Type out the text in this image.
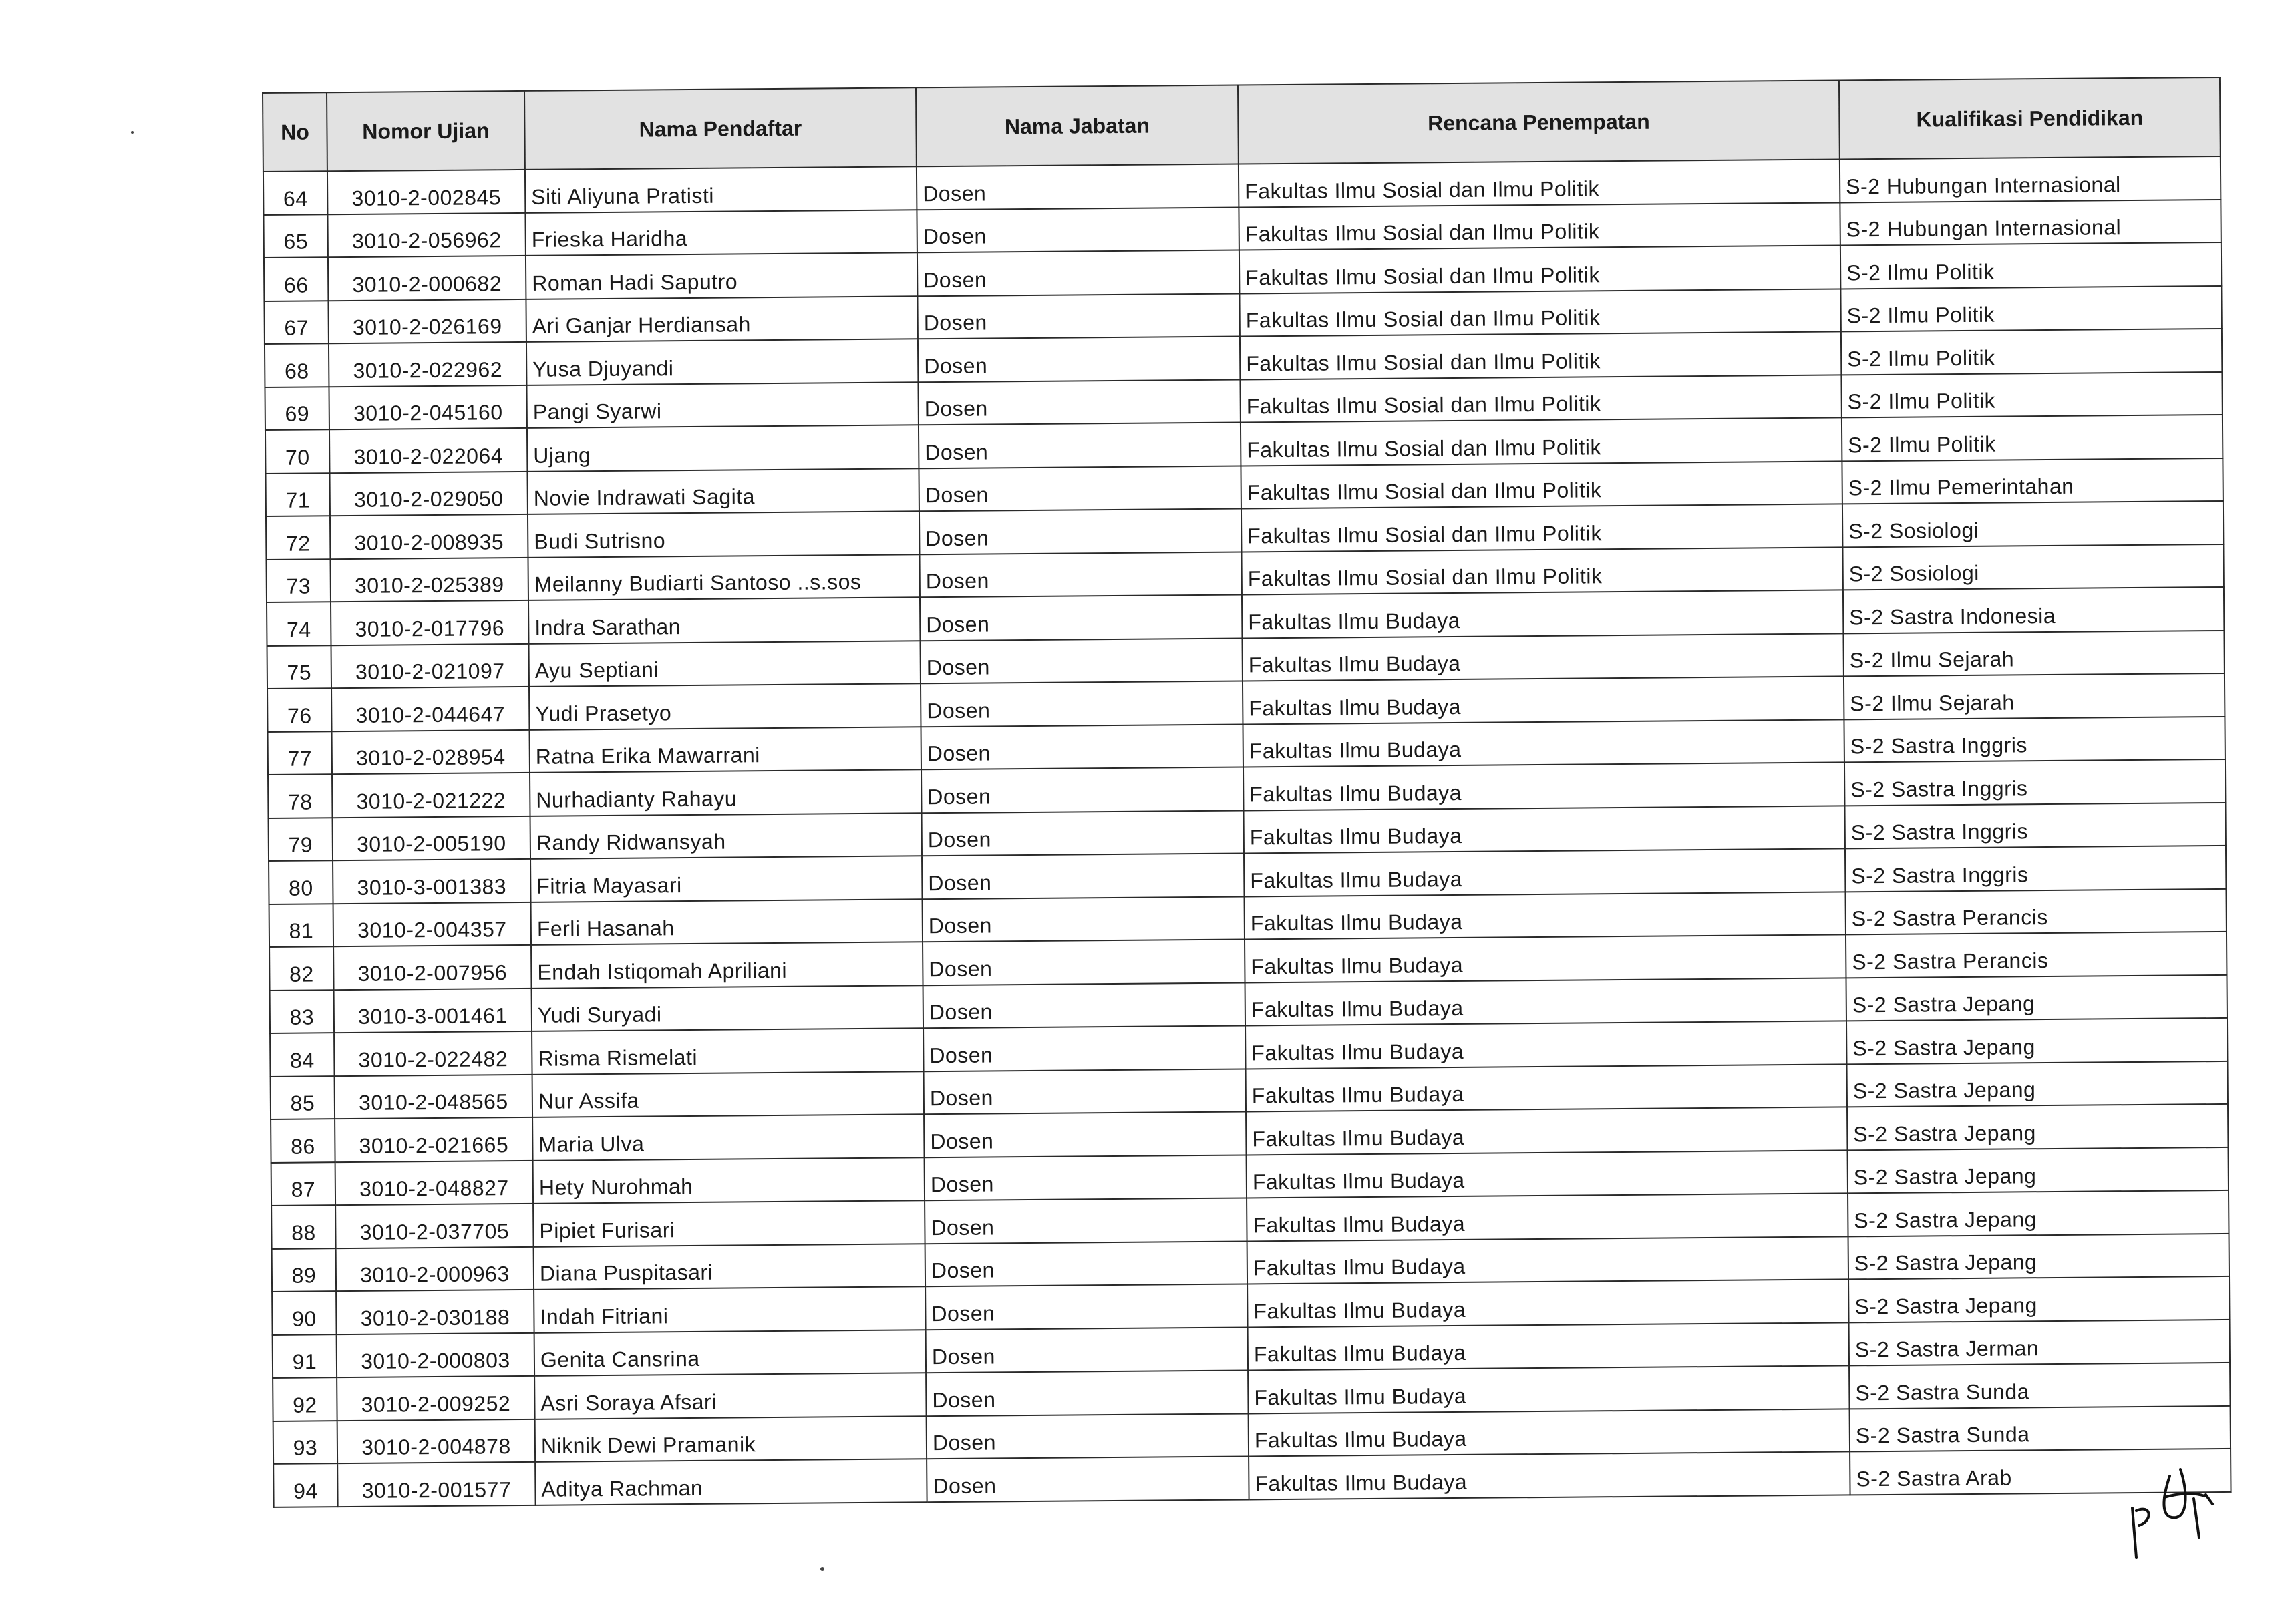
No	Nomor Ujian	Nama Pendaftar	Nama Jabatan	Rencana Penempatan	Kualifikasi Pendidikan
64	3010-2-002845	Siti Aliyuna Pratisti	Dosen	Fakultas Ilmu Sosial dan Ilmu Politik	S-2 Hubungan Internasional
65	3010-2-056962	Frieska Haridha	Dosen	Fakultas Ilmu Sosial dan Ilmu Politik	S-2 Hubungan Internasional
66	3010-2-000682	Roman Hadi Saputro	Dosen	Fakultas Ilmu Sosial dan Ilmu Politik	S-2 Ilmu Politik
67	3010-2-026169	Ari Ganjar Herdiansah	Dosen	Fakultas Ilmu Sosial dan Ilmu Politik	S-2 Ilmu Politik
68	3010-2-022962	Yusa Djuyandi	Dosen	Fakultas Ilmu Sosial dan Ilmu Politik	S-2 Ilmu Politik
69	3010-2-045160	Pangi Syarwi	Dosen	Fakultas Ilmu Sosial dan Ilmu Politik	S-2 Ilmu Politik
70	3010-2-022064	Ujang	Dosen	Fakultas Ilmu Sosial dan Ilmu Politik	S-2 Ilmu Politik
71	3010-2-029050	Novie Indrawati Sagita	Dosen	Fakultas Ilmu Sosial dan Ilmu Politik	S-2 Ilmu Pemerintahan
72	3010-2-008935	Budi Sutrisno	Dosen	Fakultas Ilmu Sosial dan Ilmu Politik	S-2 Sosiologi
73	3010-2-025389	Meilanny Budiarti Santoso ..s.sos	Dosen	Fakultas Ilmu Sosial dan Ilmu Politik	S-2 Sosiologi
74	3010-2-017796	Indra Sarathan	Dosen	Fakultas Ilmu Budaya	S-2 Sastra Indonesia
75	3010-2-021097	Ayu Septiani	Dosen	Fakultas Ilmu Budaya	S-2 Ilmu Sejarah
76	3010-2-044647	Yudi Prasetyo	Dosen	Fakultas Ilmu Budaya	S-2 Ilmu Sejarah
77	3010-2-028954	Ratna Erika Mawarrani	Dosen	Fakultas Ilmu Budaya	S-2 Sastra Inggris
78	3010-2-021222	Nurhadianty Rahayu	Dosen	Fakultas Ilmu Budaya	S-2 Sastra Inggris
79	3010-2-005190	Randy Ridwansyah	Dosen	Fakultas Ilmu Budaya	S-2 Sastra Inggris
80	3010-3-001383	Fitria Mayasari	Dosen	Fakultas Ilmu Budaya	S-2 Sastra Inggris
81	3010-2-004357	Ferli Hasanah	Dosen	Fakultas Ilmu Budaya	S-2 Sastra Perancis
82	3010-2-007956	Endah Istiqomah Apriliani	Dosen	Fakultas Ilmu Budaya	S-2 Sastra Perancis
83	3010-3-001461	Yudi Suryadi	Dosen	Fakultas Ilmu Budaya	S-2 Sastra Jepang
84	3010-2-022482	Risma Rismelati	Dosen	Fakultas Ilmu Budaya	S-2 Sastra Jepang
85	3010-2-048565	Nur Assifa	Dosen	Fakultas Ilmu Budaya	S-2 Sastra Jepang
86	3010-2-021665	Maria Ulva	Dosen	Fakultas Ilmu Budaya	S-2 Sastra Jepang
87	3010-2-048827	Hety Nurohmah	Dosen	Fakultas Ilmu Budaya	S-2 Sastra Jepang
88	3010-2-037705	Pipiet Furisari	Dosen	Fakultas Ilmu Budaya	S-2 Sastra Jepang
89	3010-2-000963	Diana Puspitasari	Dosen	Fakultas Ilmu Budaya	S-2 Sastra Jepang
90	3010-2-030188	Indah Fitriani	Dosen	Fakultas Ilmu Budaya	S-2 Sastra Jepang
91	3010-2-000803	Genita Cansrina	Dosen	Fakultas Ilmu Budaya	S-2 Sastra Jerman
92	3010-2-009252	Asri Soraya Afsari	Dosen	Fakultas Ilmu Budaya	S-2 Sastra Sunda
93	3010-2-004878	Niknik Dewi Pramanik	Dosen	Fakultas Ilmu Budaya	S-2 Sastra Sunda
94	3010-2-001577	Aditya Rachman	Dosen	Fakultas Ilmu Budaya	S-2 Sastra Arab
